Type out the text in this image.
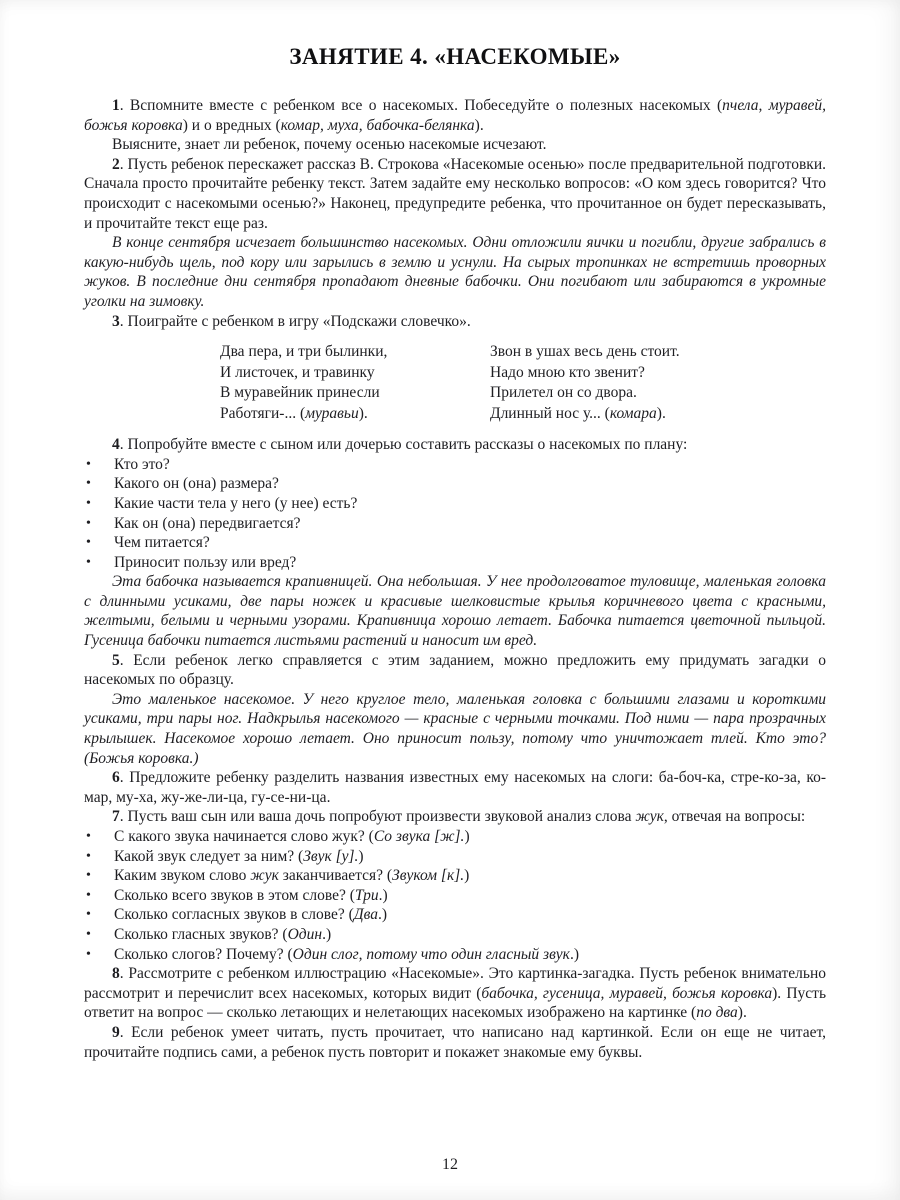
ЗАНЯТИЕ 4. «НАСЕКОМЫЕ»

1. Вспомните вместе с ребенком все о насекомых. Побеседуйте о полезных насекомых (пчела, муравей, божья коровка) и о вредных (комар, муха, бабочка-белянка).

Выясните, знает ли ребенок, почему осенью насекомые исчезают.

2. Пусть ребенок перескажет рассказ В. Строкова «Насекомые осенью» после предварительной подготовки. Сначала просто прочитайте ребенку текст. Затем задайте ему несколько вопросов: «О ком здесь говорится? Что происходит с насекомыми осенью?» Наконец, предупредите ребенка, что прочитанное он будет пересказывать, и прочитайте текст еще раз.

В конце сентября исчезает большинство насекомых. Одни отложили яички и погибли, другие забрались в какую-нибудь щель, под кору или зарылись в землю и уснули. На сырых тропинках не встретишь проворных жуков. В последние дни сентября пропадают дневные бабочки. Они погибают или забираются в укромные уголки на зимовку.

3. Поиграйте с ребенком в игру «Подскажи словечко».

Два пера, и три былинки,
И листочек, и травинку
В муравейник принесли
Работяги-... (муравьи).
Звон в ушах весь день стоит.
Надо мною кто звенит?
Прилетел он со двора.
Длинный нос у... (комара).

4. Попробуйте вместе с сыном или дочерью составить рассказы о насекомых по плану:

• Кто это?
• Какого он (она) размера?
• Какие части тела у него (у нее) есть?
• Как он (она) передвигается?
• Чем питается?
• Приносит пользу или вред?

Эта бабочка называется крапивницей. Она небольшая. У нее продолговатое туловище, маленькая головка с длинными усиками, две пары ножек и красивые шелковистые крылья коричневого цвета с красными, желтыми, белыми и черными узорами. Крапивница хорошо летает. Бабочка питается цветочной пыльцой. Гусеница бабочки питается листьями растений и наносит им вред.

5. Если ребенок легко справляется с этим заданием, можно предложить ему придумать загадки о насекомых по образцу.

Это маленькое насекомое. У него круглое тело, маленькая головка с большими глазами и короткими усиками, три пары ног. Надкрылья насекомого — красные с черными точками. Под ними — пара прозрачных крылышек. Насекомое хорошо летает. Оно приносит пользу, потому что уничтожает тлей. Кто это? (Божья коровка.)

6. Предложите ребенку разделить названия известных ему насекомых на слоги: ба-боч-ка, стре-ко-за, ко-мар, му-ха, жу-же-ли-ца, гу-се-ни-ца.

7. Пусть ваш сын или ваша дочь попробуют произвести звуковой анализ слова жук, отвечая на вопросы:

• С какого звука начинается слово жук? (Со звука [ж].)
• Какой звук следует за ним? (Звук [у].)
• Каким звуком слово жук заканчивается? (Звуком [к].)
• Сколько всего звуков в этом слове? (Три.)
• Сколько согласных звуков в слове? (Два.)
• Сколько гласных звуков? (Один.)
• Сколько слогов? Почему? (Один слог, потому что один гласный звук.)

8. Рассмотрите с ребенком иллюстрацию «Насекомые». Это картинка-загадка. Пусть ребенок внимательно рассмотрит и перечислит всех насекомых, которых видит (бабочка, гусеница, муравей, божья коровка). Пусть ответит на вопрос — сколько летающих и нелетающих насекомых изображено на картинке (по два).

9. Если ребенок умеет читать, пусть прочитает, что написано над картинкой. Если он еще не читает, прочитайте подпись сами, а ребенок пусть повторит и покажет знакомые ему буквы.

12
